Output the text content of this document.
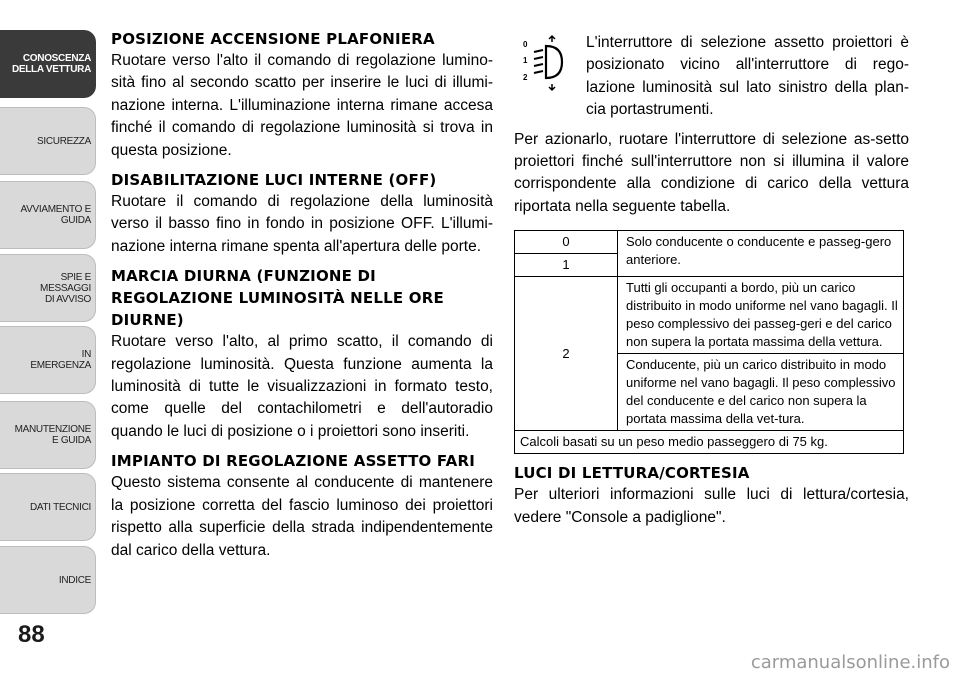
CONOSCENZA
DELLA VETTURA
SICUREZZA
AVVIAMENTO E
GUIDA
SPIE E
MESSAGGI
DI AVVISO
IN
EMERGENZA
MANUTENZIONE
E GUIDA
DATI TECNICI
INDICE
88
POSIZIONE ACCENSIONE PLAFONIERA

Ruotare verso l'alto il comando di regolazione lumino-sità fino al secondo scatto per inserire le luci di illumi-nazione interna. L'illuminazione interna rimane accesa finché il comando di regolazione luminosità si trova in questa posizione.

DISABILITAZIONE LUCI INTERNE (OFF)

Ruotare il comando di regolazione della luminosità verso il basso fino in fondo in posizione OFF. L'illumi-nazione interna rimane spenta all'apertura delle porte.

MARCIA DIURNA (FUNZIONE DI REGOLAZIONE LUMINOSITÀ NELLE ORE DIURNE)

Ruotare verso l'alto, al primo scatto, il comando di regolazione luminosità. Questa funzione aumenta la luminosità di tutte le visualizzazioni in formato testo, come quelle del contachilometri e dell'autoradio quando le luci di posizione o i proiettori sono inseriti.

IMPIANTO DI REGOLAZIONE ASSETTO FARI

Questo sistema consente al conducente di mantenere la posizione corretta del fascio luminoso dei proiettori rispetto alla superficie della strada indipendentemente dal carico della vettura.

0
1
2

L'interruttore di selezione assetto proiettori è posizionato vicino all'interruttore di rego-lazione luminosità sul lato sinistro della plan-cia portastrumenti.

Per azionarlo, ruotare l'interruttore di selezione as-setto proiettori finché sull'interruttore non si illumina il valore corrispondente alla condizione di carico della vettura riportata nella seguente tabella.

0	Solo conducente o conducente e passeg-gero anteriore.
1	
2	Tutti gli occupanti a bordo, più un carico distribuito in modo uniforme nel vano bagagli. Il peso complessivo dei passeg-geri e del carico non supera la portata massima della vettura.
	Conducente, più un carico distribuito in modo uniforme nel vano bagagli. Il peso complessivo del conducente e del carico non supera la portata massima della vet-tura.
Calcoli basati su un peso medio passeggero di 75 kg.	
LUCI DI LETTURA/CORTESIA

Per ulteriori informazioni sulle luci di lettura/cortesia, vedere "Console a padiglione".

carmanualsonline.info
